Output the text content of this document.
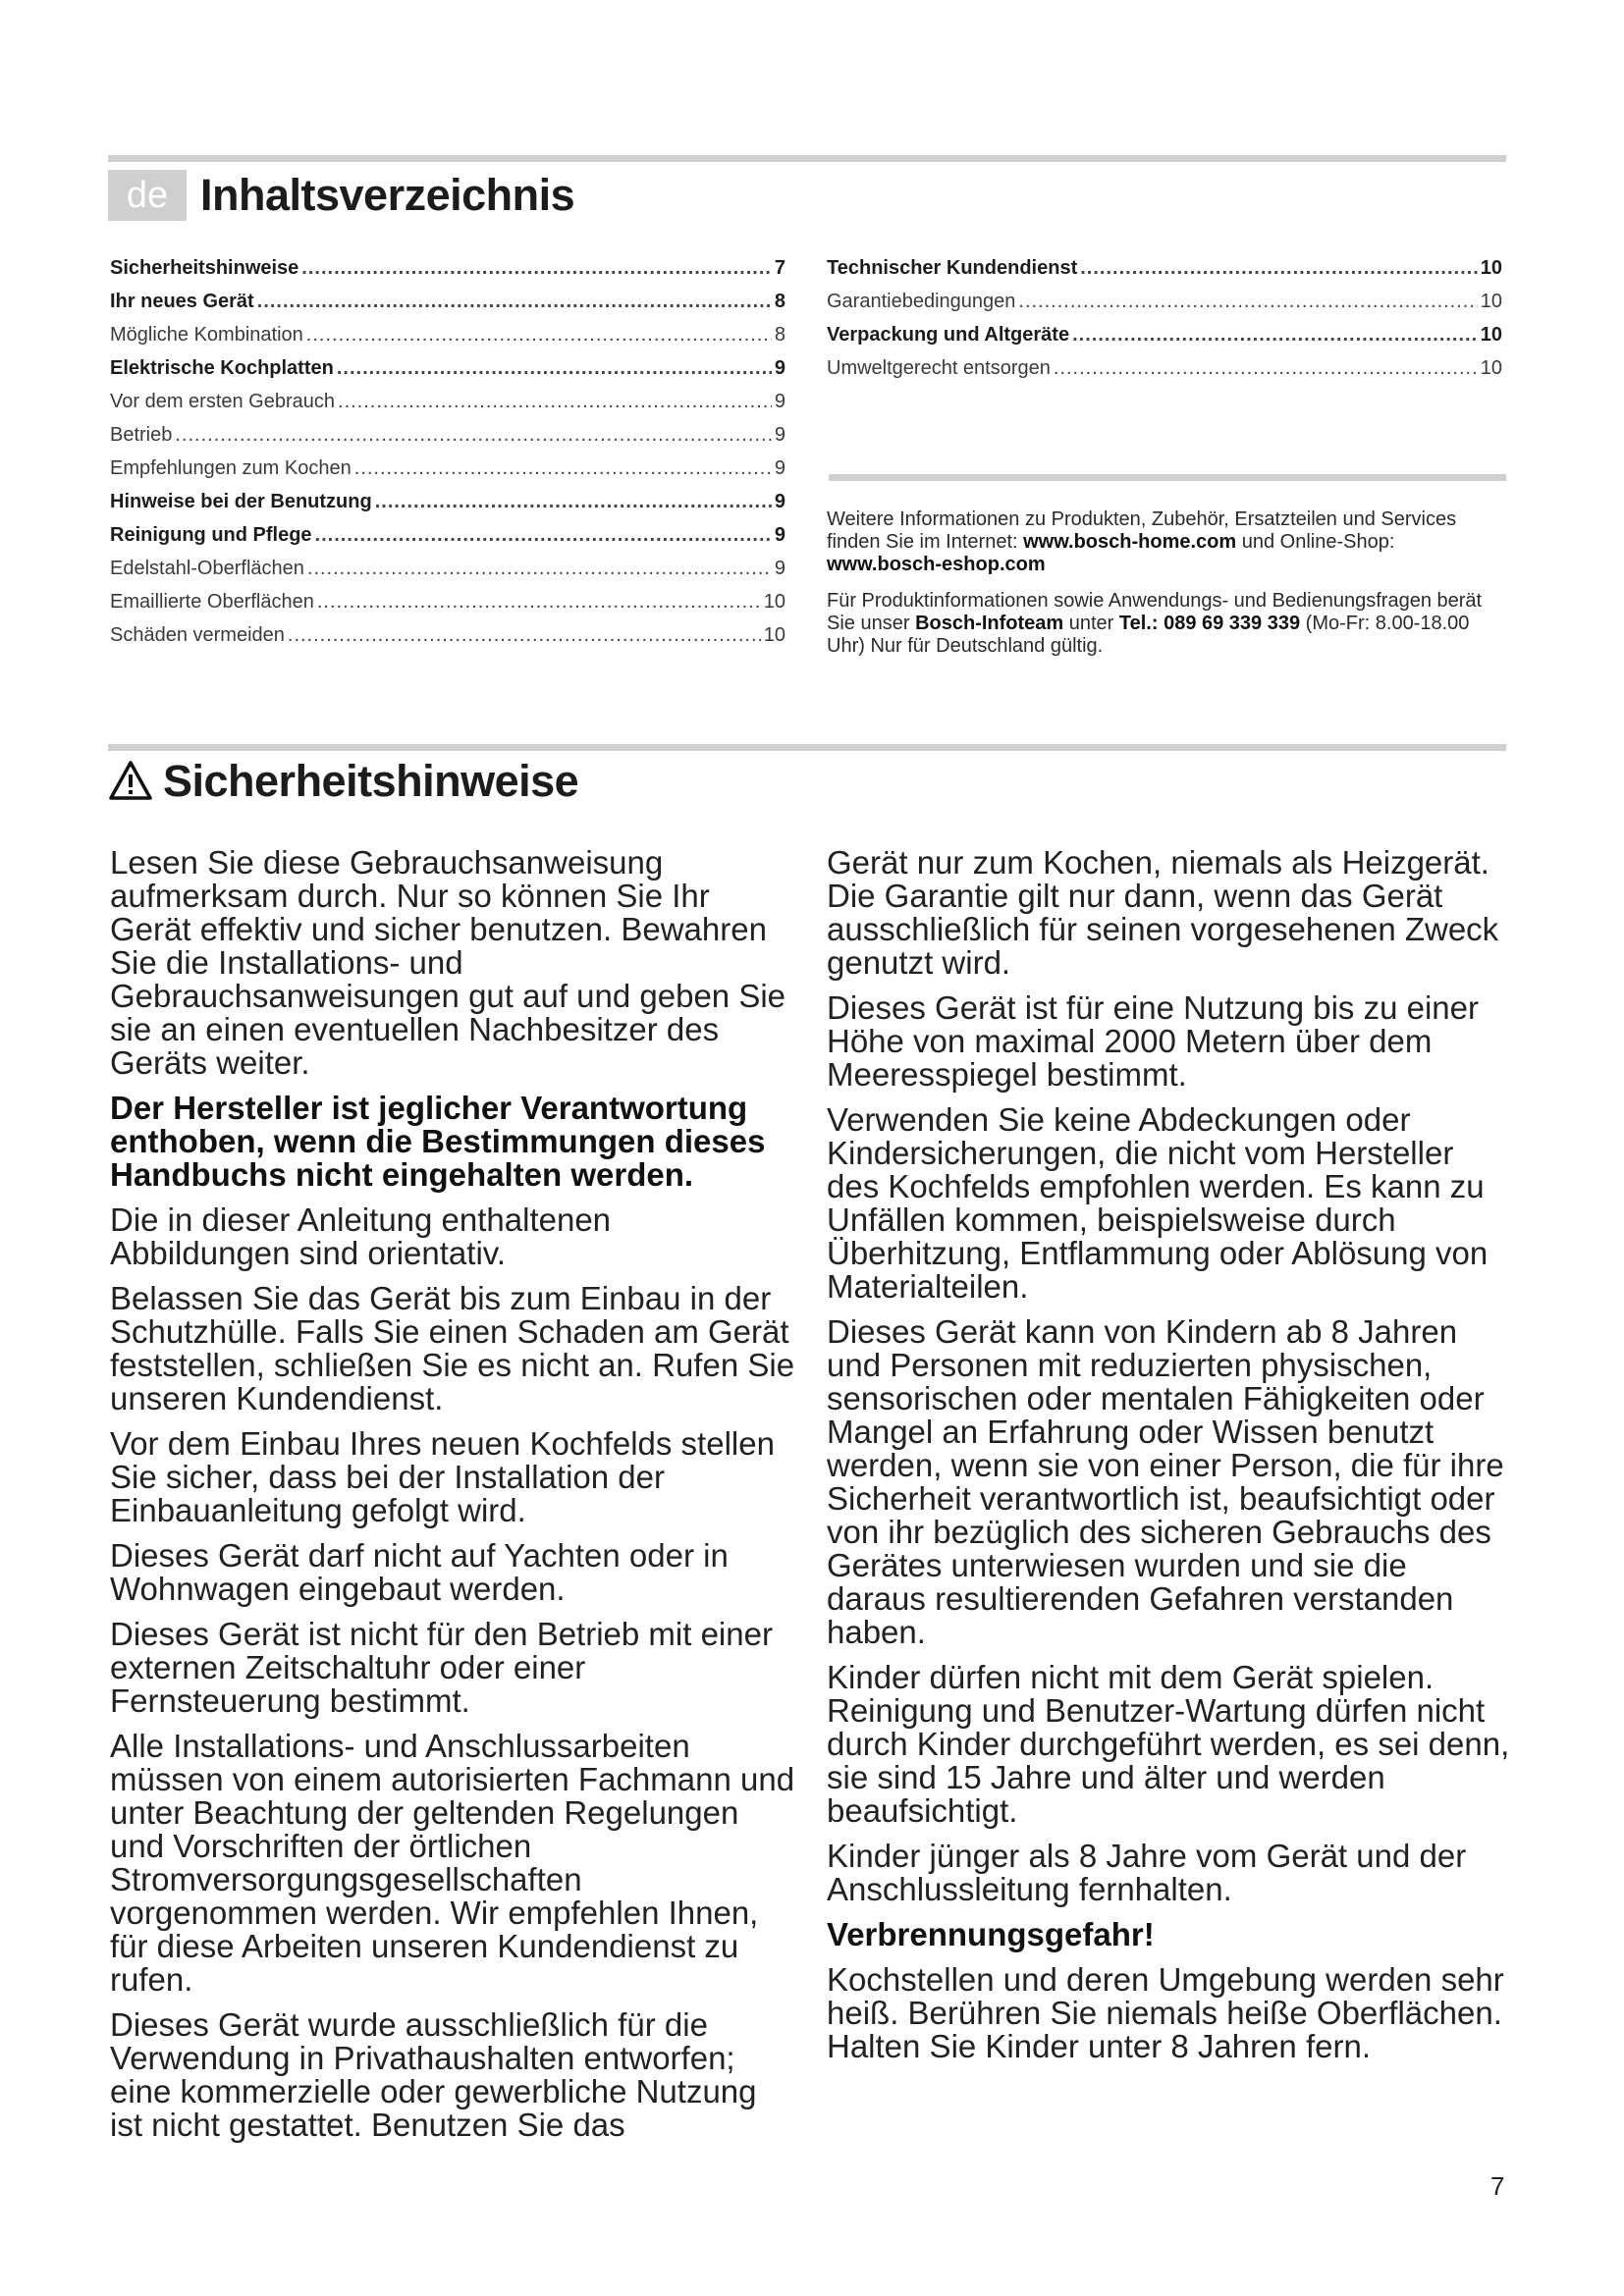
de Inhaltsverzeichnis
Sicherheitshinweise .....	7
Ihr neues Gerät .....	8
Mögliche Kombination .....	8
Elektrische Kochplatten .....	9
Vor dem ersten Gebrauch .....	9
Betrieb .....	9
Empfehlungen zum Kochen .....	9
Hinweise bei der Benutzung .....	9
Reinigung und Pflege .....	9
Edelstahl-Oberflächen .....	9
Emaillierte Oberflächen .....	10
Schäden vermeiden .....	10
Technischer Kundendienst .....	10
Garantiebedingungen .....	10
Verpackung und Altgeräte .....	10
Umweltgerecht entsorgen .....	10

Weitere Informationen zu Produkten, Zubehör, Ersatzteilen und Services finden Sie im Internet: www.bosch-home.com und Online-Shop: www.bosch-eshop.com

Für Produktinformationen sowie Anwendungs- und Bedienungsfragen berät Sie unser Bosch-Infoteam unter Tel.: 089 69 339 339 (Mo-Fr: 8.00-18.00 Uhr) Nur für Deutschland gültig.

Sicherheitshinweise

Lesen Sie diese Gebrauchsanweisung aufmerksam durch. Nur so können Sie Ihr Gerät effektiv und sicher benutzen. Bewahren Sie die Installations- und Gebrauchsanweisungen gut auf und geben Sie sie an einen eventuellen Nachbesitzer des Geräts weiter.

Der Hersteller ist jeglicher Verantwortung enthoben, wenn die Bestimmungen dieses Handbuchs nicht eingehalten werden.

Die in dieser Anleitung enthaltenen Abbildungen sind orientativ.

Belassen Sie das Gerät bis zum Einbau in der Schutzhülle. Falls Sie einen Schaden am Gerät feststellen, schließen Sie es nicht an. Rufen Sie unseren Kundendienst.

Vor dem Einbau Ihres neuen Kochfelds stellen Sie sicher, dass bei der Installation der Einbauanleitung gefolgt wird.

Dieses Gerät darf nicht auf Yachten oder in Wohnwagen eingebaut werden.

Dieses Gerät ist nicht für den Betrieb mit einer externen Zeitschaltuhr oder einer Fernsteuerung bestimmt.

Alle Installations- und Anschlussarbeiten müssen von einem autorisierten Fachmann und unter Beachtung der geltenden Regelungen und Vorschriften der örtlichen Stromversorgungsgesellschaften vorgenommen werden. Wir empfehlen Ihnen, für diese Arbeiten unseren Kundendienst zu rufen.

Dieses Gerät wurde ausschließlich für die Verwendung in Privathaushalten entworfen; eine kommerzielle oder gewerbliche Nutzung ist nicht gestattet. Benutzen Sie das

Gerät nur zum Kochen, niemals als Heizgerät. Die Garantie gilt nur dann, wenn das Gerät ausschließlich für seinen vorgesehenen Zweck genutzt wird.

Dieses Gerät ist für eine Nutzung bis zu einer Höhe von maximal 2000 Metern über dem Meeresspiegel bestimmt.

Verwenden Sie keine Abdeckungen oder Kindersicherungen, die nicht vom Hersteller des Kochfelds empfohlen werden. Es kann zu Unfällen kommen, beispielsweise durch Überhitzung, Entflammung oder Ablösung von Materialteilen.

Dieses Gerät kann von Kindern ab 8 Jahren und Personen mit reduzierten physischen, sensorischen oder mentalen Fähigkeiten oder Mangel an Erfahrung oder Wissen benutzt werden, wenn sie von einer Person, die für ihre Sicherheit verantwortlich ist, beaufsichtigt oder von ihr bezüglich des sicheren Gebrauchs des Gerätes unterwiesen wurden und sie die daraus resultierenden Gefahren verstanden haben.

Kinder dürfen nicht mit dem Gerät spielen. Reinigung und Benutzer-Wartung dürfen nicht durch Kinder durchgeführt werden, es sei denn, sie sind 15 Jahre und älter und werden beaufsichtigt.

Kinder jünger als 8 Jahre vom Gerät und der Anschlussleitung fernhalten.

Verbrennungsgefahr!

Kochstellen und deren Umgebung werden sehr heiß. Berühren Sie niemals heiße Oberflächen. Halten Sie Kinder unter 8 Jahren fern.

7
